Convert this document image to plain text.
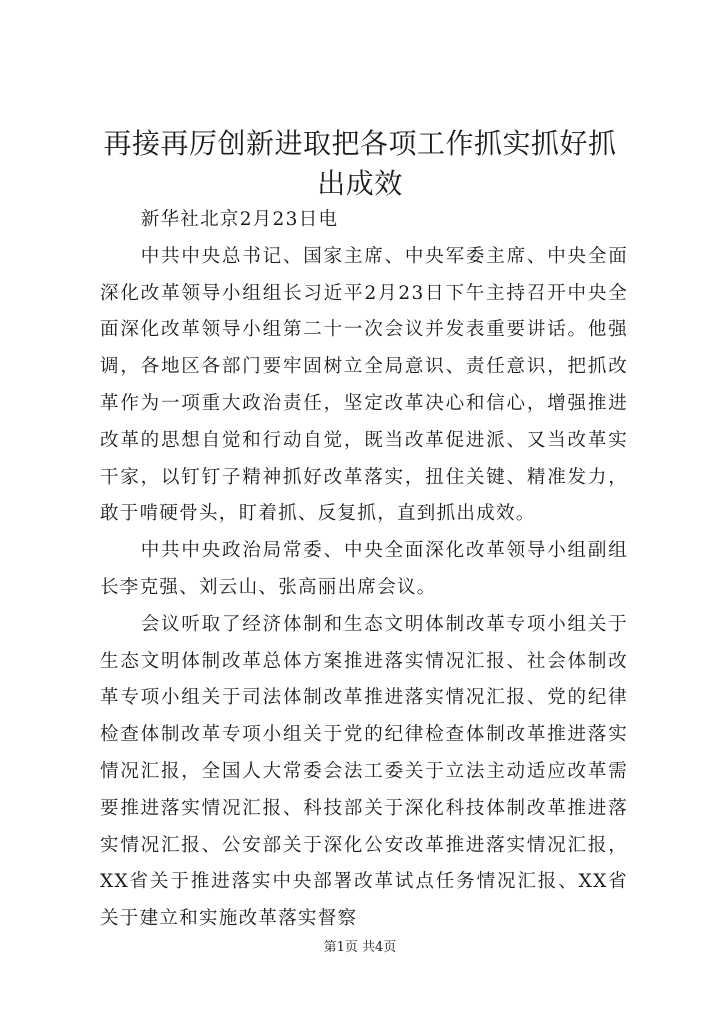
再接再厉创新进取把各项工作抓实抓好抓出成效

新华社北京2月23日电

中共中央总书记、国家主席、中央军委主席、中央全面深化改革领导小组组长习近平2月23日下午主持召开中央全面深化改革领导小组第二十一次会议并发表重要讲话。他强调，各地区各部门要牢固树立全局意识、责任意识，把抓改革作为一项重大政治责任，坚定改革决心和信心，增强推进改革的思想自觉和行动自觉，既当改革促进派、又当改革实干家，以钉钉子精神抓好改革落实，扭住关键、精准发力，敢于啃硬骨头，盯着抓、反复抓，直到抓出成效。

中共中央政治局常委、中央全面深化改革领导小组副组长李克强、刘云山、张高丽出席会议。

会议听取了经济体制和生态文明体制改革专项小组关于生态文明体制改革总体方案推进落实情况汇报、社会体制改革专项小组关于司法体制改革推进落实情况汇报、党的纪律检查体制改革专项小组关于党的纪律检查体制改革推进落实情况汇报，全国人大常委会法工委关于立法主动适应改革需要推进落实情况汇报、科技部关于深化科技体制改革推进落实情况汇报、公安部关于深化公安改革推进落实情况汇报，XX省关于推进落实中央部署改革试点任务情况汇报、XX省关于建立和实施改革落实督察

第1页 共4页
